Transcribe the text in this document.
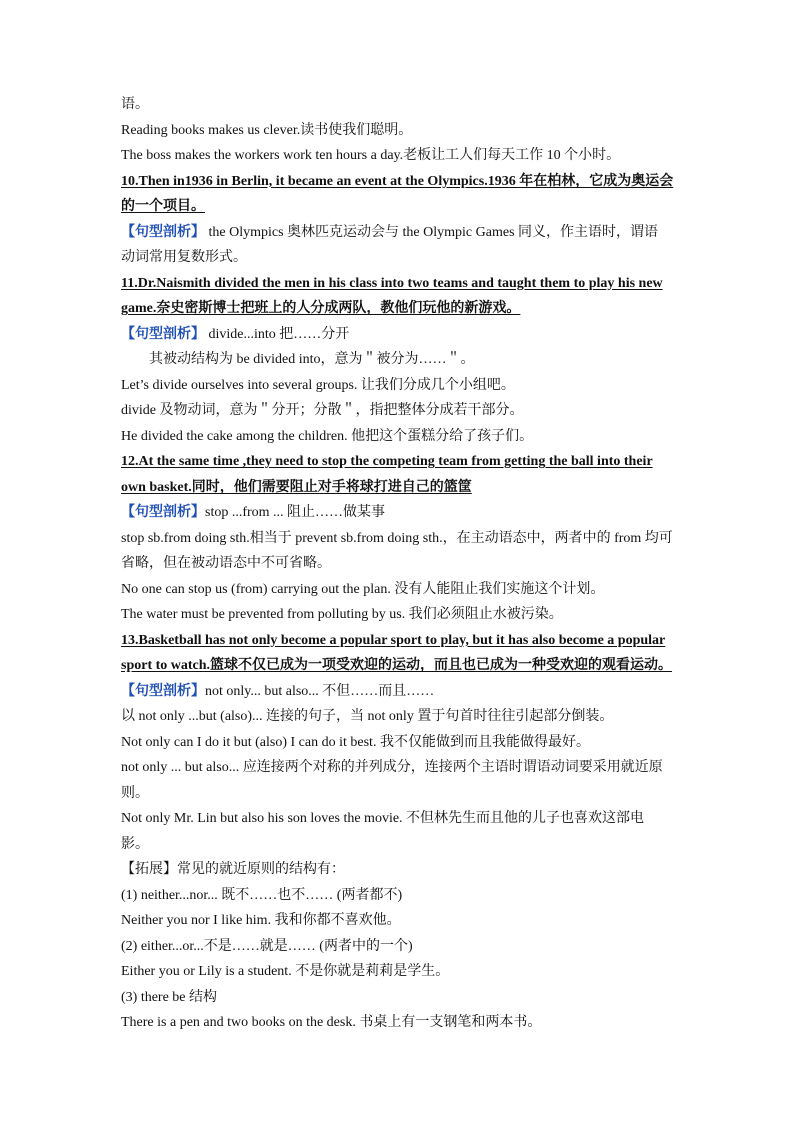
语。

Reading books makes us clever.读书使我们聪明。

The boss makes the workers work ten hours a day.老板让工人们每天工作 10 个小时。

10.Then in1936 in Berlin, it became an event at the Olympics.1936 年在柏林，它成为奥运会

的一个项目。

【句型剖析】 the Olympics 奥林匹克运动会与 the Olympic Games 同义，作主语时，谓语

动词常用复数形式。

11.Dr.Naismith divided the men in his class into two teams and taught them to play his new

game.奈史密斯博士把班上的人分成两队，教他们玩他的新游戏。

【句型剖析】 divide...into 把……分开

其被动结构为 be divided into，意为＂被分为……＂。

Let’s divide ourselves into several groups. 让我们分成几个小组吧。

divide 及物动词，意为＂分开；分散＂，指把整体分成若干部分。

He divided the cake among the children. 他把这个蛋糕分给了孩子们。

12.At the same time ,they need to stop the competing team from getting the ball into their

own basket.同时，他们需要阻止对手将球打进自己的篮筐

【句型剖析】stop ...from ... 阻止……做某事

stop sb.from doing sth.相当于 prevent sb.from doing sth.，在主动语态中，两者中的 from 均可

省略，但在被动语态中不可省略。

No one can stop us (from) carrying out the plan. 没有人能阻止我们实施这个计划。

The water must be prevented from polluting by us. 我们必须阻止水被污染。

13.Basketball has not only become a popular sport to play, but it has also become a popular

sport to watch.篮球不仅已成为一项受欢迎的运动，而且也已成为一种受欢迎的观看运动。

【句型剖析】not only... but also... 不但……而且……

以 not only ...but (also)... 连接的句子，当 not only 置于句首时往往引起部分倒装。

Not only can I do it but (also) I can do it best. 我不仅能做到而且我能做得最好。

not only ... but also... 应连接两个对称的并列成分，连接两个主语时谓语动词要采用就近原

则。

Not only Mr. Lin but also his son loves the movie. 不但林先生而且他的儿子也喜欢这部电

影。

【拓展】常见的就近原则的结构有：

(1) neither...nor... 既不……也不…… (两者都不)

Neither you nor I like him. 我和你都不喜欢他。

(2) either...or...不是……就是…… (两者中的一个)

Either you or Lily is a student. 不是你就是莉莉是学生。

(3) there be 结构

There is a pen and two books on the desk. 书桌上有一支钢笔和两本书。
